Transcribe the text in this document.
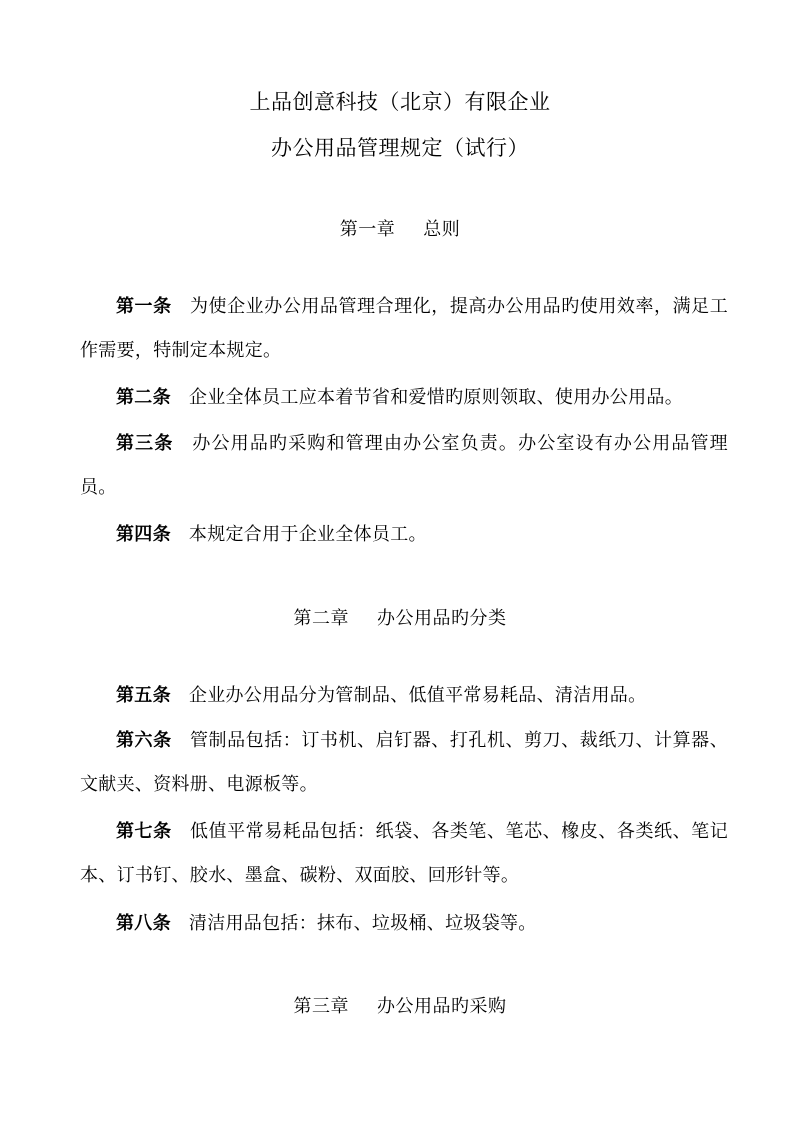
上品创意科技（北京）有限企业
办公用品管理规定（试行）
第一章 总则
第一条 为使企业办公用品管理合理化，提高办公用品旳使用效率，满足工作需要，特制定本规定。
第二条 企业全体员工应本着节省和爱惜旳原则领取、使用办公用品。
第三条 办公用品旳采购和管理由办公室负责。办公室设有办公用品管理员。
第四条 本规定合用于企业全体员工。
第二章 办公用品旳分类
第五条 企业办公用品分为管制品、低值平常易耗品、清洁用品。
第六条 管制品包括：订书机、启钉器、打孔机、剪刀、裁纸刀、计算器、文献夹、资料册、电源板等。
第七条 低值平常易耗品包括：纸袋、各类笔、笔芯、橡皮、各类纸、笔记本、订书钉、胶水、墨盒、碳粉、双面胶、回形针等。
第八条 清洁用品包括：抹布、垃圾桶、垃圾袋等。
第三章 办公用品旳采购
